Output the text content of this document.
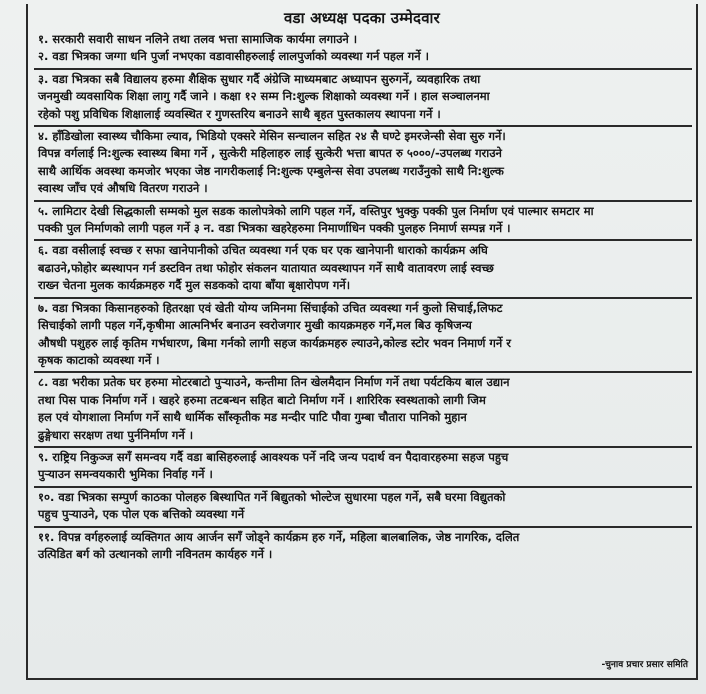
वडा अध्यक्ष पदका उम्मेदवार
१. सरकारी सवारी साधन नलिने तथा तलव भत्ता सामाजिक कार्यमा लगाउने ।
२. वडा भित्रका जग्गा धनि पुर्जा नभएका वडावासीहरुलाई लालपुर्जाको व्यवस्था गर्न पहल गर्ने ।
३. वडा भित्रका सबै विद्यालय हरुमा शैक्षिक सुधार गर्दै अंग्रेजि माध्यमबाट अध्यापन सुरुगर्ने, व्यवहारिक तथा
जनमुखी व्यवसायिक शिक्षा लागु गर्दै जाने । कक्षा १२ सम्म नि:शुल्क शिक्षाको व्यवस्था गर्ने । हाल सञ्चालनमा
रहेको पशु प्रविधिक शिक्षालाई व्यवस्थित र गुणस्तरिय बनाउने साथै बृहत पुस्तकालय स्थापना गर्ने ।
४. हाँडिखोला स्वास्थ्य चौकिमा ल्याव, भिडियो एक्सरे मेसिन सन्चालन सहित २४ सै घण्टे इमरजेन्सी सेवा सुरु गर्ने।
विपन्न वर्गलाई नि:शुल्क स्वास्थ्य बिमा गर्ने , सुत्केरी महिलाहरु लाई सुत्केरी भत्ता बापत रु ५०००/-उपलब्ध गराउने
साथै आर्थिक अवस्था कमजोर भएका जेष्ठ नागरीकलाई नि:शुल्क एम्बुलेन्स सेवा उपलब्ध गराउँनुको साथै नि:शुल्क
स्वास्थ जाँच एवं औषधि वितरण गराउने ।
५. लामिटार देखी सिद्धकाली सम्मको मुल सडक कालोपत्रेको लागि पहल गर्ने, वस्तिपुर भुक्कु पक्की पुल निर्माण एवं पाल्मार समटार मा
पक्की पुल निर्माणको लागी पहल गर्ने ३ न. वडा भित्रका खहरेहरुमा निमार्णाधिन पक्की पुलहरु निमार्ण सम्पन्न गर्ने ।
६. वडा वसीलाई स्वच्छ र सफा खानेपानीको उचित व्यवस्था गर्न एक घर एक खानेपानी धाराको कार्यक्रम अघि
बढाउने,फोहोर ब्यस्थापन गर्न डस्टविन तथा फोहोर संकलन यातायात व्यवस्थापन गर्ने साथै वातावरण लाई स्वच्छ
राख्न चेतना मुलक कार्यक्रमहरु गर्दै मुल सडकको दाया बाँया बृक्षारोपण गर्ने।
७. वडा भित्रका किसानहरुको हितरक्षा एवं खेती योग्य जमिनमा सिंचाईको उचित व्यवस्था गर्न कुलो सिचाई,लिफट
सिचाईको लागी पहल गर्ने,कृषीमा आत्मनिर्भर बनाउन स्वरोजगार मुखी कायक्रमहरु गर्ने,मल बिउ कृषिजन्य
औषधी पशुहरु लाई कृतिम गर्भधारण, बिमा गर्नको लागी सहज कार्यक्रमहरु ल्याउने,कोल्ड स्टोर भवन निमार्ण गर्ने र
कृषक काटाको व्यवस्था गर्ने ।
८. वडा भरीका प्रतेक घर हरुमा मोटरबाटो पुऱ्याउने, कन्तीमा तिन खेलमैदान निर्माण गर्ने तथा पर्यटकिय बाल उद्यान
तथा पिस पाक निर्माण गर्ने । खहरे हरुमा तटबन्धन सहित बाटो निर्माण गर्ने । शारिरिक स्वस्थताको लागी जिम
हल एवं योगशाला निर्माण गर्ने साथै धार्मिक साँस्कृतीक मड मन्दीर पाटि पौवा गुम्बा चौतारा पानिको मुहान
ढुङ्गेधारा सरक्षण तथा पुर्ननिर्माण गर्ने ।
९. राष्ट्रिय निकुञ्ज सगँ समन्वय गर्दै वडा बासिहरुलाई आवश्यक पर्ने नदि जन्य पदार्थ वन पैदावारहरुमा सहज पहुच
पुऱ्याउन समन्वयकारी भुमिका निर्वाह गर्ने ।
१०. वडा भित्रका सम्पुर्ण काठका पोलहरु बिस्थापित गर्ने बिद्युतको भोल्टेज सुधारमा पहल गर्ने, सबै घरमा विद्युतको
पहुच पुऱ्याउने, एक पोल एक बत्तिको व्यवस्था गर्ने
११. विपन्न वर्गहरुलाई व्यक्तिगत आय आर्जन सगँ जोड्ने कार्यक्रम हरु गर्ने, महिला बालबालिक, जेष्ठ नागरिक, दलित
उत्पिडित बर्ग को उत्थानको लागी नविनतम कार्यहरु गर्ने ।
-चुनाव प्रचार प्रसार समिति
